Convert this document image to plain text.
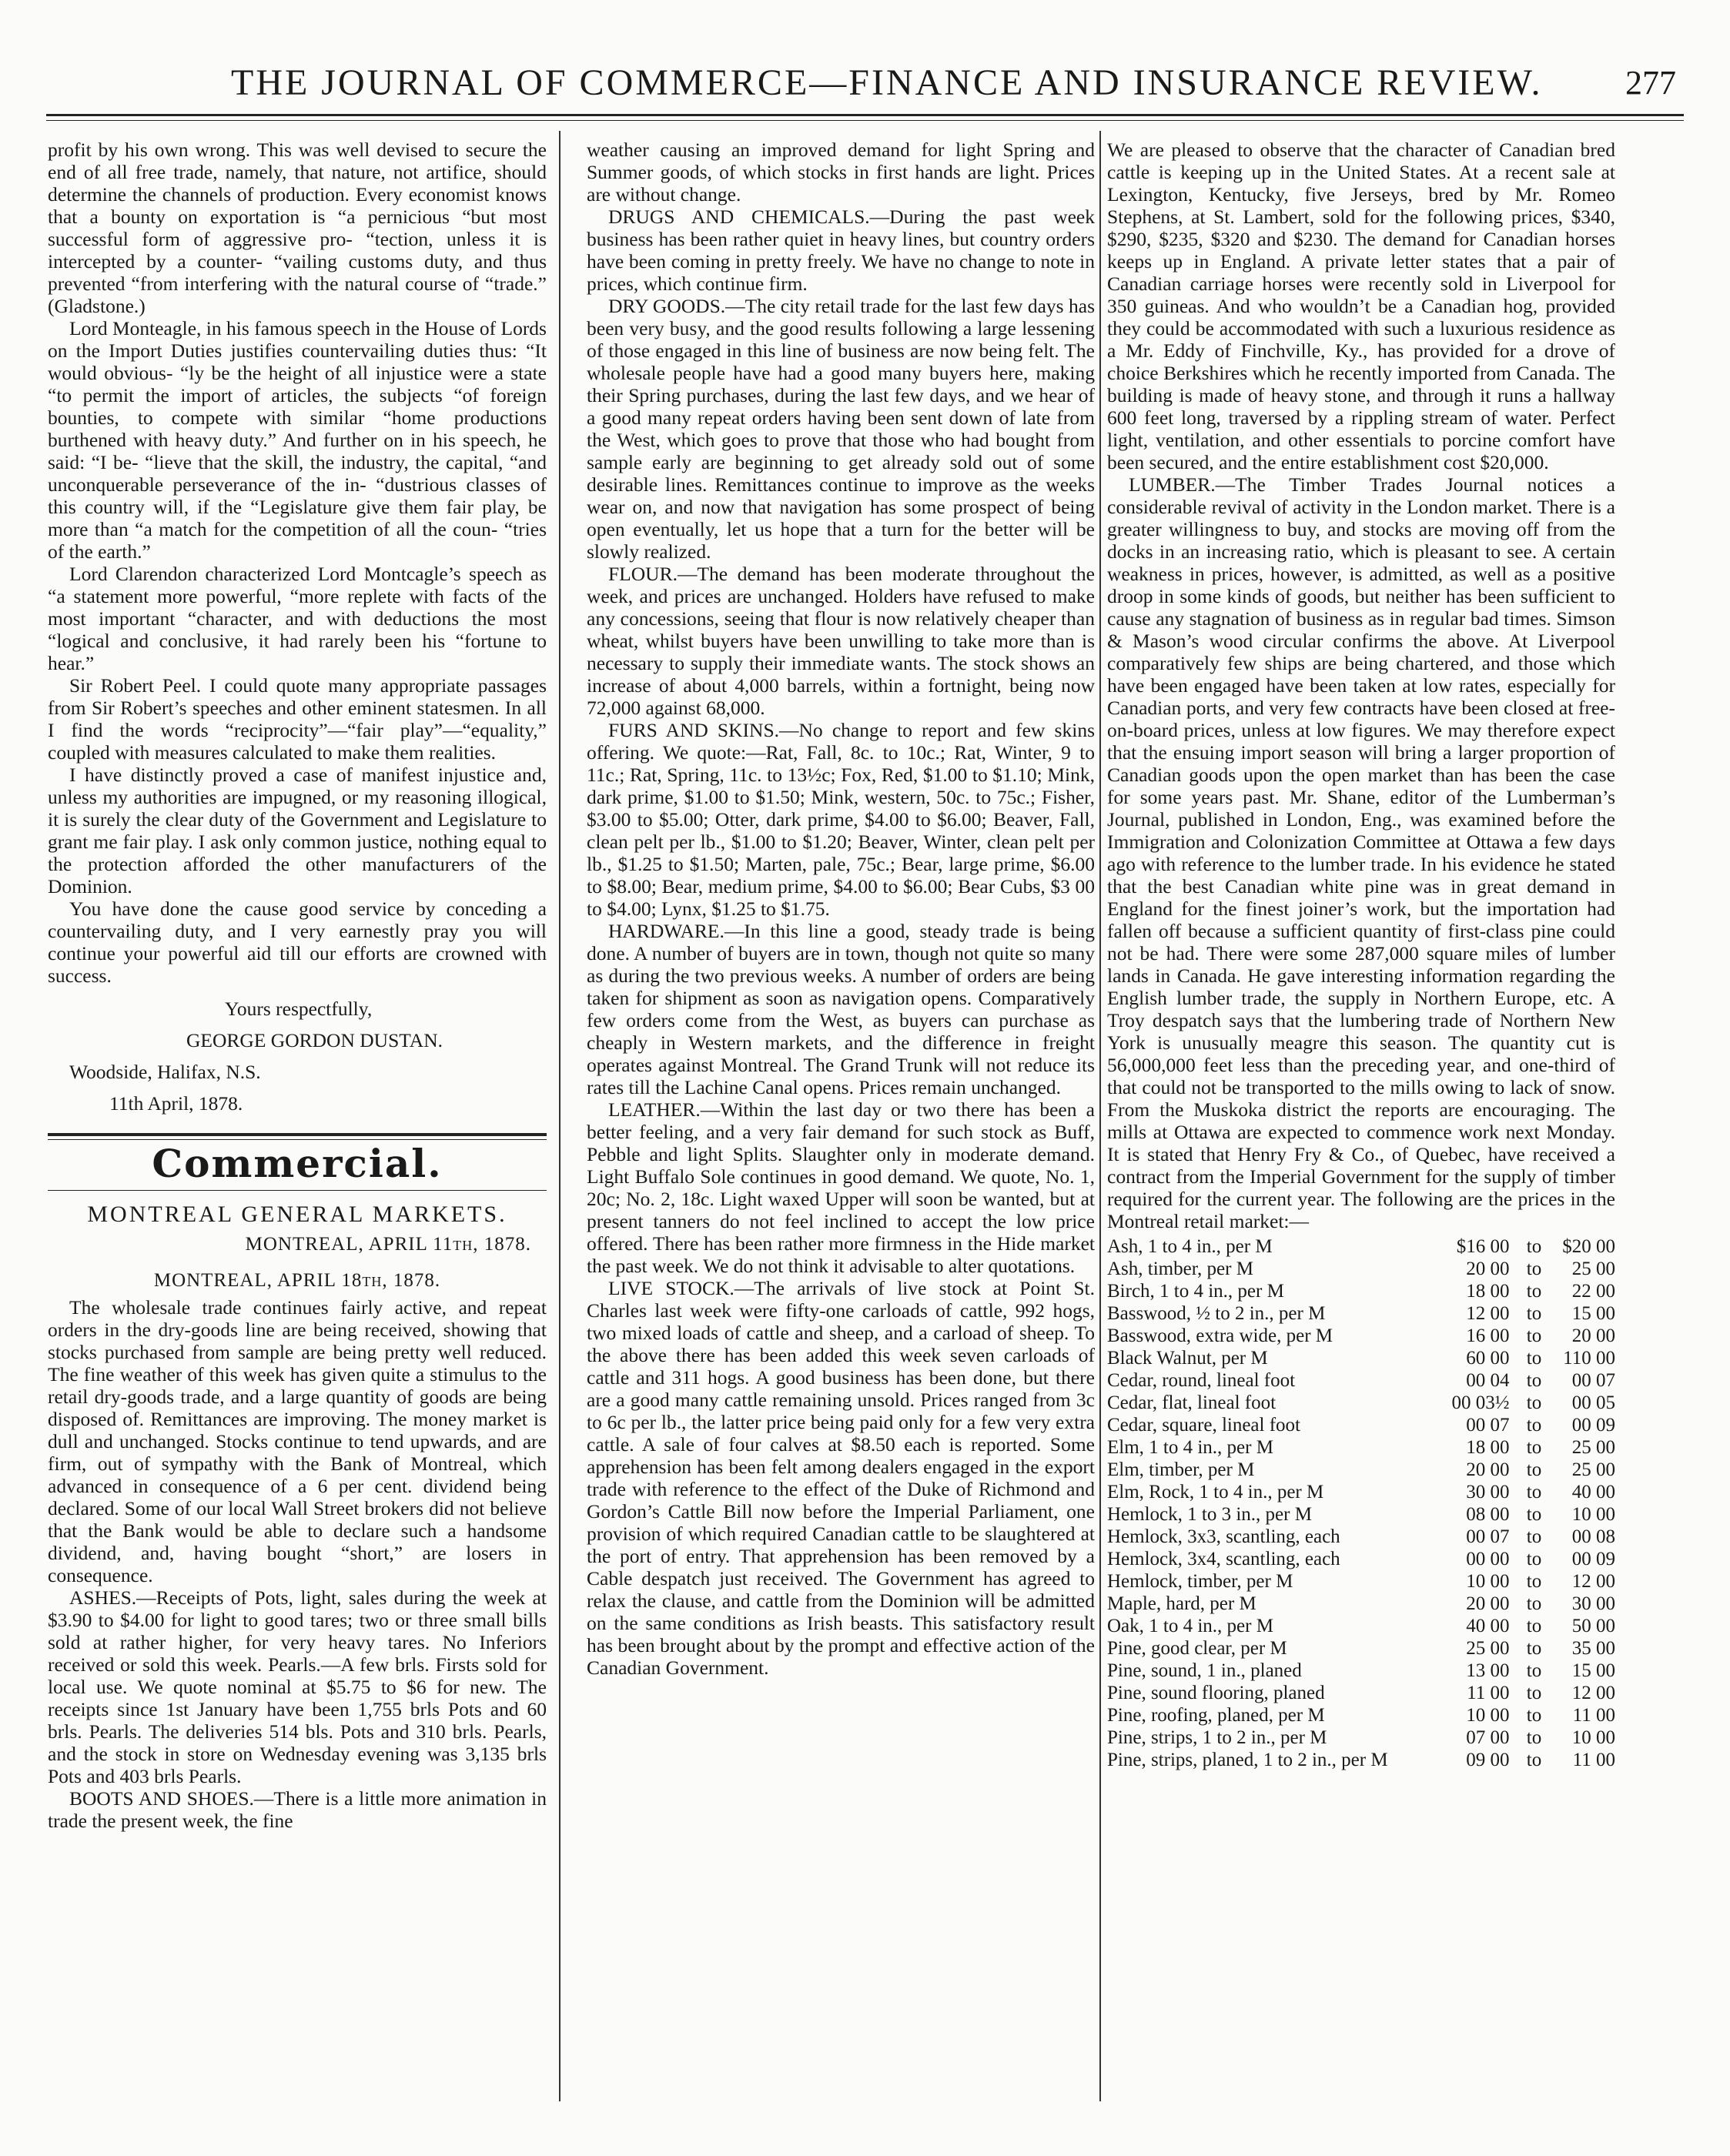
THE JOURNAL OF COMMERCE—FINANCE AND INSURANCE REVIEW. 277

profit by his own wrong. This was well devised to secure the end of all free trade, namely, that nature, not artifice, should determine the channels of production. Every economist knows that a bounty on exportation is “a pernicious “but most successful form of aggressive pro- “tection, unless it is intercepted by a counter- “vailing customs duty, and thus prevented “from interfering with the natural course of “trade.” (Gladstone.)

Lord Monteagle, in his famous speech in the House of Lords on the Import Duties justifies countervailing duties thus: “It would obvious- “ly be the height of all injustice were a state “to permit the import of articles, the subjects “of foreign bounties, to compete with similar “home productions burthened with heavy duty.” And further on in his speech, he said: “I be- “lieve that the skill, the industry, the capital, “and unconquerable perseverance of the in- “dustrious classes of this country will, if the “Legislature give them fair play, be more than “a match for the competition of all the coun- “tries of the earth.”

Lord Clarendon characterized Lord Montcagle’s speech as “a statement more powerful, “more replete with facts of the most important “character, and with deductions the most “logical and conclusive, it had rarely been his “fortune to hear.”

Sir Robert Peel. I could quote many appropriate passages from Sir Robert’s speeches and other eminent statesmen. In all I find the words “reciprocity”—“fair play”—“equality,” coupled with measures calculated to make them realities.

I have distinctly proved a case of manifest injustice and, unless my authorities are impugned, or my reasoning illogical, it is surely the clear duty of the Government and Legislature to grant me fair play. I ask only common justice, nothing equal to the protection afforded the other manufacturers of the Dominion.

You have done the cause good service by conceding a countervailing duty, and I very earnestly pray you will continue your powerful aid till our efforts are crowned with success.

Yours respectfully,
GEORGE GORDON DUSTAN.
Woodside, Halifax, N.S.
11th April, 1878.
Commercial.
MONTREAL GENERAL MARKETS.
MONTREAL, APRIL 11th, 1878.
MONTREAL, APRIL 18th, 1878.

The wholesale trade continues fairly active, and repeat orders in the dry-goods line are being received, showing that stocks purchased from sample are being pretty well reduced. The fine weather of this week has given quite a stimulus to the retail dry-goods trade, and a large quantity of goods are being disposed of. Remittances are improving. The money market is dull and unchanged. Stocks continue to tend upwards, and are firm, out of sympathy with the Bank of Montreal, which advanced in consequence of a 6 per cent. dividend being declared. Some of our local Wall Street brokers did not believe that the Bank would be able to declare such a handsome dividend, and, having bought “short,” are losers in consequence.

ASHES.—Receipts of Pots, light, sales during the week at $3.90 to $4.00 for light to good tares; two or three small bills sold at rather higher, for very heavy tares. No Inferiors received or sold this week. Pearls.—A few brls. Firsts sold for local use. We quote nominal at $5.75 to $6 for new. The receipts since 1st January have been 1,755 brls Pots and 60 brls. Pearls. The deliveries 514 bls. Pots and 310 brls. Pearls, and the stock in store on Wednesday evening was 3,135 brls Pots and 403 brls Pearls.

BOOTS AND SHOES.—There is a little more animation in trade the present week, the fine

weather causing an improved demand for light Spring and Summer goods, of which stocks in first hands are light. Prices are without change.

DRUGS AND CHEMICALS.—During the past week business has been rather quiet in heavy lines, but country orders have been coming in pretty freely. We have no change to note in prices, which continue firm.

DRY GOODS.—The city retail trade for the last few days has been very busy, and the good results following a large lessening of those engaged in this line of business are now being felt. The wholesale people have had a good many buyers here, making their Spring purchases, during the last few days, and we hear of a good many repeat orders having been sent down of late from the West, which goes to prove that those who had bought from sample early are beginning to get already sold out of some desirable lines. Remittances continue to improve as the weeks wear on, and now that navigation has some prospect of being open eventually, let us hope that a turn for the better will be slowly realized.

FLOUR.—The demand has been moderate throughout the week, and prices are unchanged. Holders have refused to make any concessions, seeing that flour is now relatively cheaper than wheat, whilst buyers have been unwilling to take more than is necessary to supply their immediate wants. The stock shows an increase of about 4,000 barrels, within a fortnight, being now 72,000 against 68,000.

FURS AND SKINS.—No change to report and few skins offering. We quote:—Rat, Fall, 8c. to 10c.; Rat, Winter, 9 to 11c.; Rat, Spring, 11c. to 13½c; Fox, Red, $1.00 to $1.10; Mink, dark prime, $1.00 to $1.50; Mink, western, 50c. to 75c.; Fisher, $3.00 to $5.00; Otter, dark prime, $4.00 to $6.00; Beaver, Fall, clean pelt per lb., $1.00 to $1.20; Beaver, Winter, clean pelt per lb., $1.25 to $1.50; Marten, pale, 75c.; Bear, large prime, $6.00 to $8.00; Bear, medium prime, $4.00 to $6.00; Bear Cubs, $3 00 to $4.00; Lynx, $1.25 to $1.75.

HARDWARE.—In this line a good, steady trade is being done. A number of buyers are in town, though not quite so many as during the two previous weeks. A number of orders are being taken for shipment as soon as navigation opens. Comparatively few orders come from the West, as buyers can purchase as cheaply in Western markets, and the difference in freight operates against Montreal. The Grand Trunk will not reduce its rates till the Lachine Canal opens. Prices remain unchanged.

LEATHER.—Within the last day or two there has been a better feeling, and a very fair demand for such stock as Buff, Pebble and light Splits. Slaughter only in moderate demand. Light Buffalo Sole continues in good demand. We quote, No. 1, 20c; No. 2, 18c. Light waxed Upper will soon be wanted, but at present tanners do not feel inclined to accept the low price offered. There has been rather more firmness in the Hide market the past week. We do not think it advisable to alter quotations.

LIVE STOCK.—The arrivals of live stock at Point St. Charles last week were fifty-one carloads of cattle, 992 hogs, two mixed loads of cattle and sheep, and a carload of sheep. To the above there has been added this week seven carloads of cattle and 311 hogs. A good business has been done, but there are a good many cattle remaining unsold. Prices ranged from 3c to 6c per lb., the latter price being paid only for a few very extra cattle. A sale of four calves at $8.50 each is reported. Some apprehension has been felt among dealers engaged in the export trade with reference to the effect of the Duke of Richmond and Gordon’s Cattle Bill now before the Imperial Parliament, one provision of which required Canadian cattle to be slaughtered at the port of entry. That apprehension has been removed by a Cable despatch just received. The Government has agreed to relax the clause, and cattle from the Dominion will be admitted on the same conditions as Irish beasts. This satisfactory result has been brought about by the prompt and effective action of the Canadian Government.

We are pleased to observe that the character of Canadian bred cattle is keeping up in the United States. At a recent sale at Lexington, Kentucky, five Jerseys, bred by Mr. Romeo Stephens, at St. Lambert, sold for the following prices, $340, $290, $235, $320 and $230. The demand for Canadian horses keeps up in England. A private letter states that a pair of Canadian carriage horses were recently sold in Liverpool for 350 guineas. And who wouldn’t be a Canadian hog, provided they could be accommodated with such a luxurious residence as a Mr. Eddy of Finchville, Ky., has provided for a drove of choice Berkshires which he recently imported from Canada. The building is made of heavy stone, and through it runs a hallway 600 feet long, traversed by a rippling stream of water. Perfect light, ventilation, and other essentials to porcine comfort have been secured, and the entire establishment cost $20,000.

LUMBER.—The Timber Trades Journal notices a considerable revival of activity in the London market. There is a greater willingness to buy, and stocks are moving off from the docks in an increasing ratio, which is pleasant to see. A certain weakness in prices, however, is admitted, as well as a positive droop in some kinds of goods, but neither has been sufficient to cause any stagnation of business as in regular bad times. Simson & Mason’s wood circular confirms the above. At Liverpool comparatively few ships are being chartered, and those which have been engaged have been taken at low rates, especially for Canadian ports, and very few contracts have been closed at free-on-board prices, unless at low figures. We may therefore expect that the ensuing import season will bring a larger proportion of Canadian goods upon the open market than has been the case for some years past. Mr. Shane, editor of the Lumberman’s Journal, published in London, Eng., was examined before the Immigration and Colonization Committee at Ottawa a few days ago with reference to the lumber trade. In his evidence he stated that the best Canadian white pine was in great demand in England for the finest joiner’s work, but the importation had fallen off because a sufficient quantity of first-class pine could not be had. There were some 287,000 square miles of lumber lands in Canada. He gave interesting information regarding the English lumber trade, the supply in Northern Europe, etc. A Troy despatch says that the lumbering trade of Northern New York is unusually meagre this season. The quantity cut is 56,000,000 feet less than the preceding year, and one-third of that could not be transported to the mills owing to lack of snow. From the Muskoka district the reports are encouraging. The mills at Ottawa are expected to commence work next Monday. It is stated that Henry Fry & Co., of Quebec, have received a contract from the Imperial Government for the supply of timber required for the current year. The following are the prices in the Montreal retail market:—

Ash, 1 to 4 in., per M	$16 00	to	$20 00
Ash, timber, per M	20 00	to	25 00
Birch, 1 to 4 in., per M	18 00	to	22 00
Basswood, ½ to 2 in., per M	12 00	to	15 00
Basswood, extra wide, per M	16 00	to	20 00
Black Walnut, per M	60 00	to	110 00
Cedar, round, lineal foot	00 04	to	00 07
Cedar, flat, lineal foot	00 03½	to	00 05
Cedar, square, lineal foot	00 07	to	00 09
Elm, 1 to 4 in., per M	18 00	to	25 00
Elm, timber, per M	20 00	to	25 00
Elm, Rock, 1 to 4 in., per M	30 00	to	40 00
Hemlock, 1 to 3 in., per M	08 00	to	10 00
Hemlock, 3x3, scantling, each	00 07	to	00 08
Hemlock, 3x4, scantling, each	00 00	to	00 09
Hemlock, timber, per M	10 00	to	12 00
Maple, hard, per M	20 00	to	30 00
Oak, 1 to 4 in., per M	40 00	to	50 00
Pine, good clear, per M	25 00	to	35 00
Pine, sound, 1 in., planed	13 00	to	15 00
Pine, sound flooring, planed	11 00	to	12 00
Pine, roofing, planed, per M	10 00	to	11 00
Pine, strips, 1 to 2 in., per M	07 00	to	10 00
Pine, strips, planed, 1 to 2 in., per M	09 00	to	11 00
